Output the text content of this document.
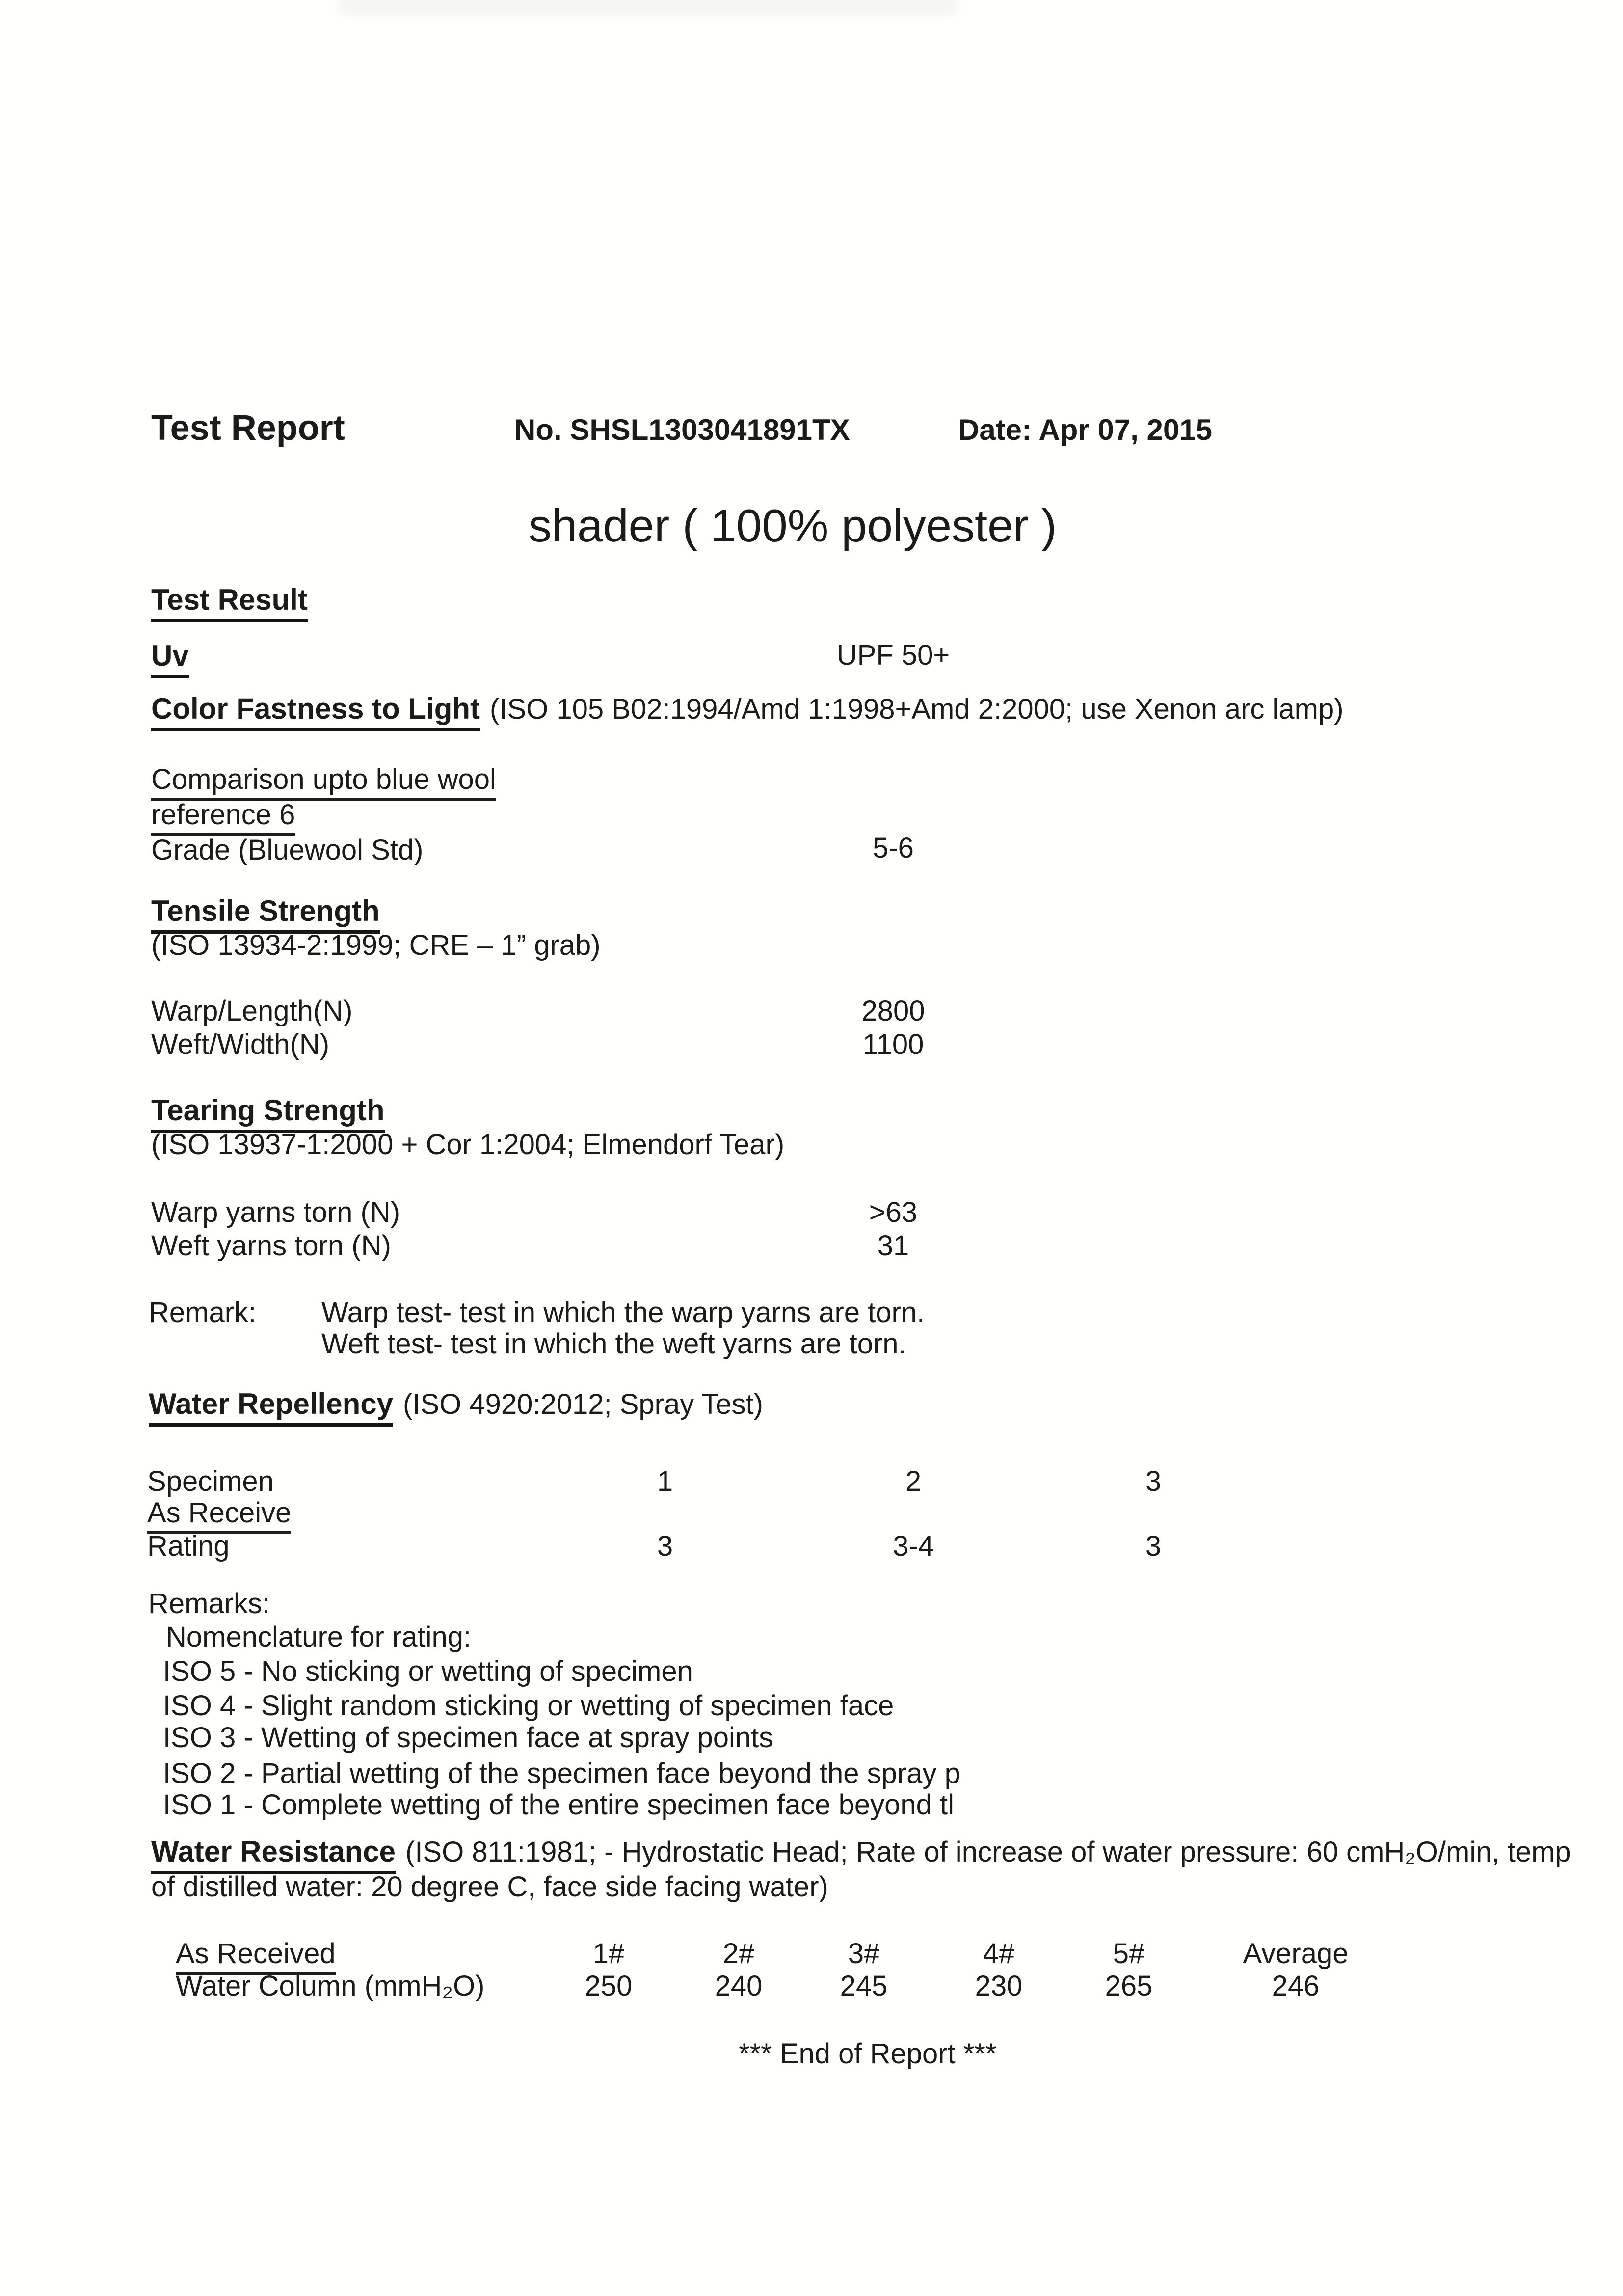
Test Report	No. SHSL1303041891TX	Date: Apr 07, 2015
shader ( 100% polyester )
Test Result
Uv	UPF 50+
Color Fastness to Light (ISO 105 B02:1994/Amd 1:1998+Amd 2:2000; use Xenon arc lamp)
Comparison upto blue wool
reference 6
Grade (Bluewool Std)	5-6
Tensile Strength
(ISO 13934-2:1999; CRE – 1” grab)
Warp/Length(N)	2800
Weft/Width(N)	1100
Tearing Strength
(ISO 13937-1:2000 + Cor 1:2004; Elmendorf Tear)
Warp yarns torn (N)	>63
Weft yarns torn (N)	31
Remark: Warp test- test in which the warp yarns are torn.
Weft test- test in which the weft yarns are torn.
Water Repellency (ISO 4920:2012; Spray Test)
Specimen	1	2	3
As Receive
Rating	3	3-4	3
Remarks:
Nomenclature for rating:
ISO 5 - No sticking or wetting of specimen
ISO 4 - Slight random sticking or wetting of specimen face
ISO 3 - Wetting of specimen face at spray points
ISO 2 - Partial wetting of the specimen face beyond the spray p
ISO 1 - Complete wetting of the entire specimen face beyond tl
Water Resistance (ISO 811:1981; - Hydrostatic Head; Rate of increase of water pressure: 60 cmH₂O/min, temp
of distilled water: 20 degree C, face side facing water)
As Received	1#	2#	3#	4#	5#	Average
Water Column (mmH₂O)	250	240	245	230	265	246
*** End of Report ***
